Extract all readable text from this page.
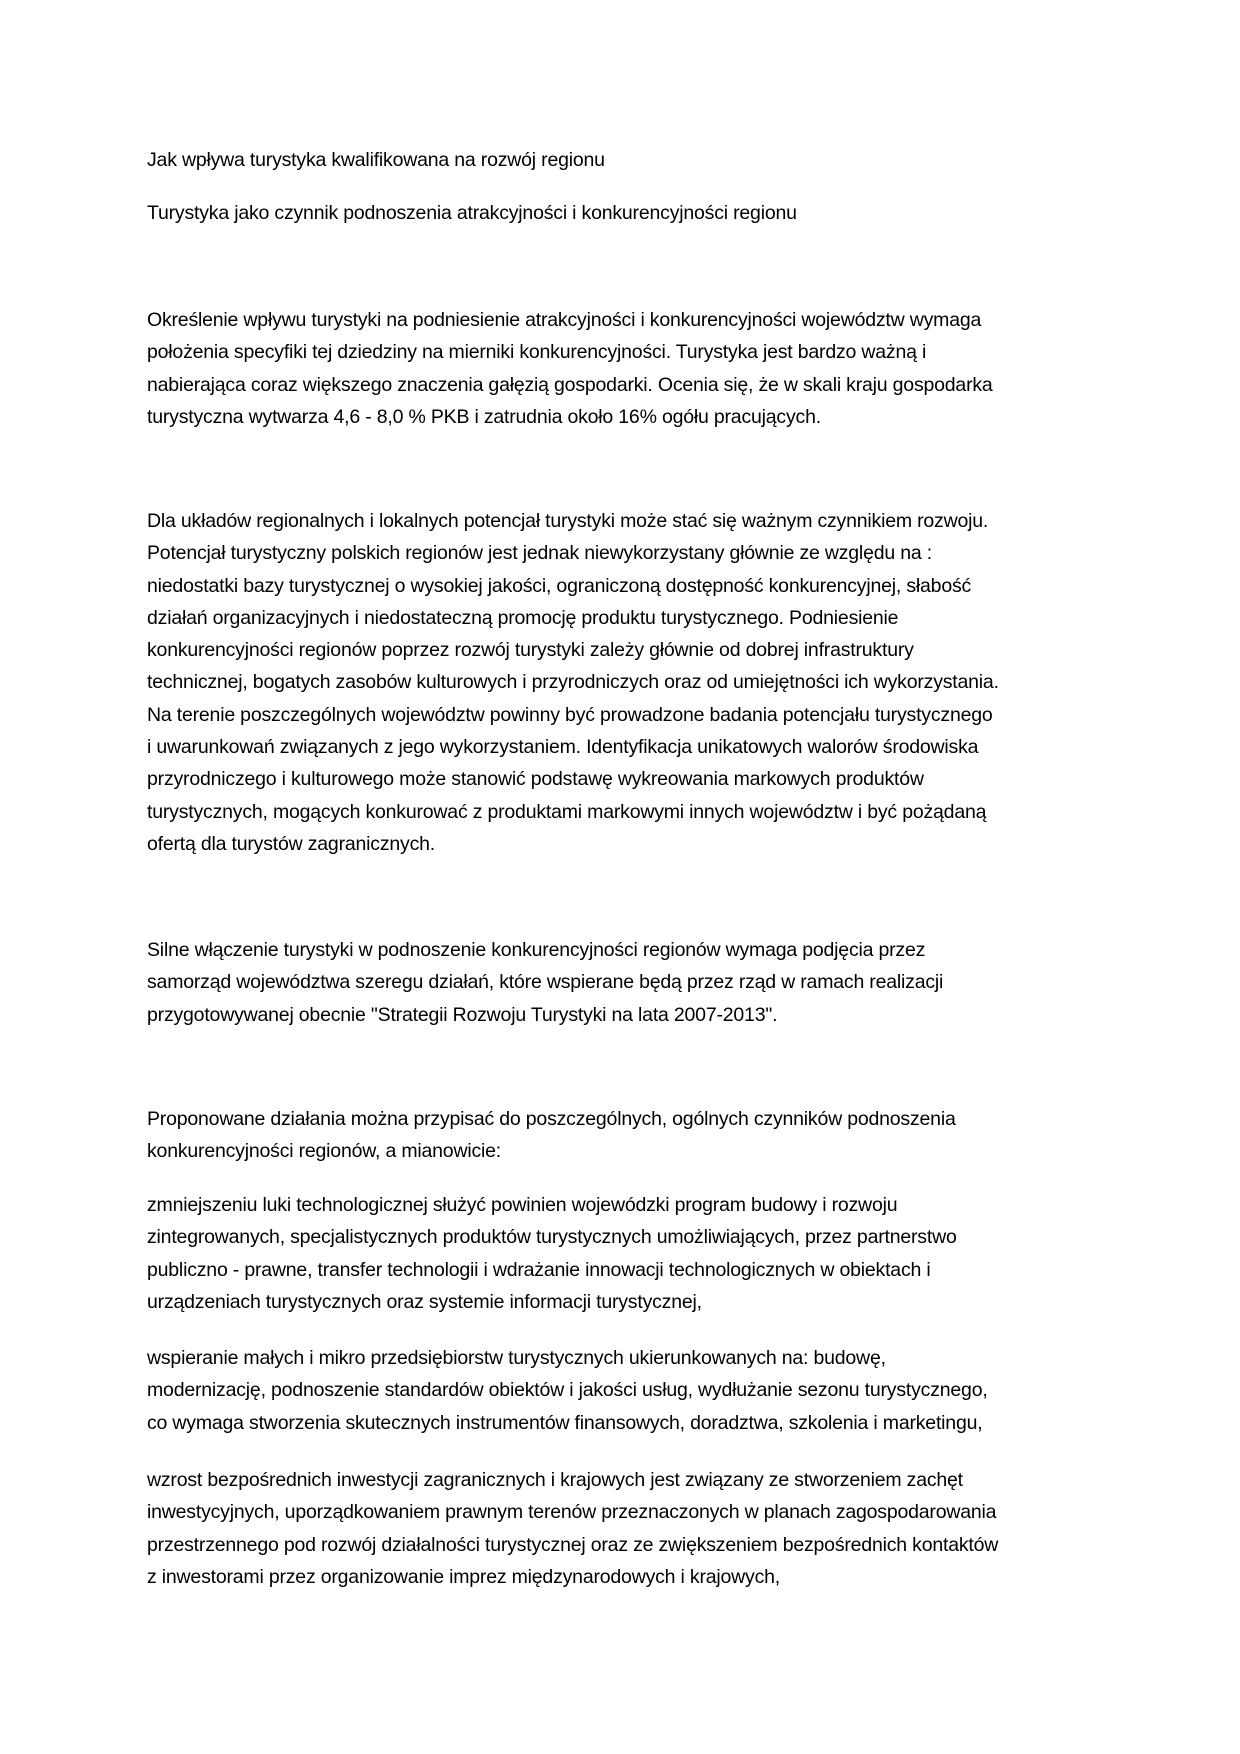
Jak wpływa turystyka kwalifikowana na rozwój regionu

Turystyka jako czynnik podnoszenia atrakcyjności i konkurencyjności regionu

Określenie wpływu turystyki na podniesienie atrakcyjności i konkurencyjności województw wymaga

położenia specyfiki tej dziedziny na mierniki konkurencyjności. Turystyka jest bardzo ważną i

nabierająca coraz większego znaczenia gałęzią gospodarki. Ocenia się, że w skali kraju gospodarka

turystyczna wytwarza 4,6 - 8,0 % PKB i zatrudnia około 16% ogółu pracujących.

Dla układów regionalnych i lokalnych potencjał turystyki może stać się ważnym czynnikiem rozwoju.

Potencjał turystyczny polskich regionów jest jednak niewykorzystany głównie ze względu na :

niedostatki bazy turystycznej o wysokiej jakości, ograniczoną dostępność konkurencyjnej, słabość

działań organizacyjnych i niedostateczną promocję produktu turystycznego. Podniesienie

konkurencyjności regionów poprzez rozwój turystyki zależy głównie od dobrej infrastruktury

technicznej, bogatych zasobów kulturowych i przyrodniczych oraz od umiejętności ich wykorzystania.

Na terenie poszczególnych województw powinny być prowadzone badania potencjału turystycznego

i uwarunkowań związanych z jego wykorzystaniem. Identyfikacja unikatowych walorów środowiska

przyrodniczego i kulturowego może stanowić podstawę wykreowania markowych produktów

turystycznych, mogących konkurować z produktami markowymi innych województw i być pożądaną

ofertą dla turystów zagranicznych.

Silne włączenie turystyki w podnoszenie konkurencyjności regionów wymaga podjęcia przez

samorząd województwa szeregu działań, które wspierane będą przez rząd w ramach realizacji

przygotowywanej obecnie "Strategii Rozwoju Turystyki na lata 2007-2013".

Proponowane działania można przypisać do poszczególnych, ogólnych czynników podnoszenia

konkurencyjności regionów, a mianowicie:

zmniejszeniu luki technologicznej służyć powinien wojewódzki program budowy i rozwoju

zintegrowanych, specjalistycznych produktów turystycznych umożliwiających, przez partnerstwo

publiczno - prawne, transfer technologii i wdrażanie innowacji technologicznych w obiektach i

urządzeniach turystycznych oraz systemie informacji turystycznej,

wspieranie małych i mikro przedsiębiorstw turystycznych ukierunkowanych na: budowę,

modernizację, podnoszenie standardów obiektów i jakości usług, wydłużanie sezonu turystycznego,

co wymaga stworzenia skutecznych instrumentów finansowych, doradztwa, szkolenia i marketingu,

wzrost bezpośrednich inwestycji zagranicznych i krajowych jest związany ze stworzeniem zachęt

inwestycyjnych, uporządkowaniem prawnym terenów przeznaczonych w planach zagospodarowania

przestrzennego pod rozwój działalności turystycznej oraz ze zwiększeniem bezpośrednich kontaktów

z inwestorami przez organizowanie imprez międzynarodowych i krajowych,
